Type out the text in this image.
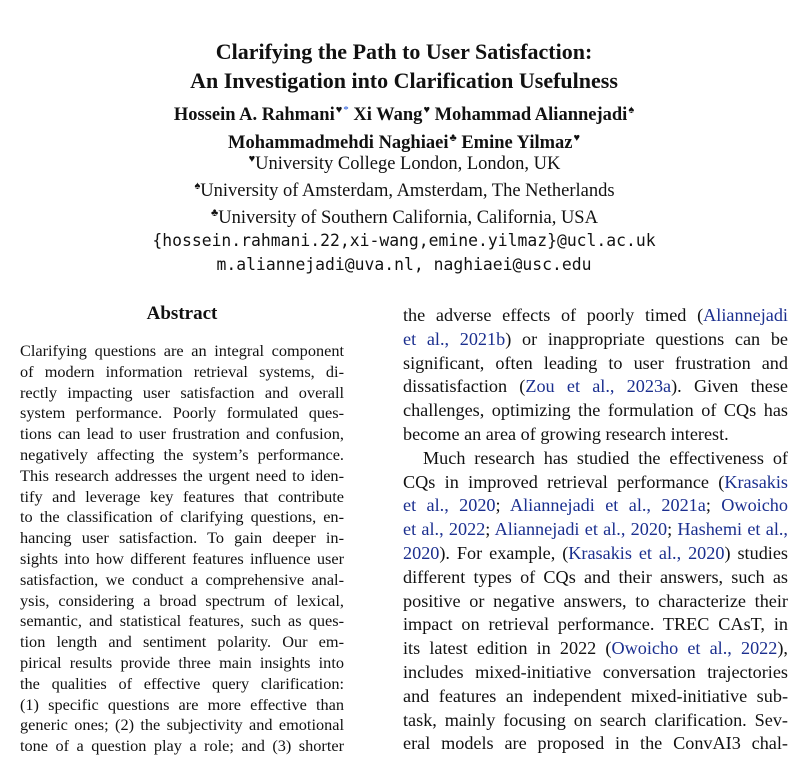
Clarifying the Path to User Satisfaction:
An Investigation into Clarification Usefulness
Hossein A. Rahmani♥* Xi Wang♥ Mohammad Aliannejadi♠
Mohammadmehdi Naghiaei♣ Emine Yilmaz♥
♥University College London, London, UK
♠University of Amsterdam, Amsterdam, The Netherlands
♣University of Southern California, California, USA
{hossein.rahmani.22,xi-wang,emine.yilmaz}@ucl.ac.uk
m.aliannejadi@uva.nl, naghiaei@usc.edu
Abstract
Clarifying questions are an integral component
of modern information retrieval systems, di-
rectly impacting user satisfaction and overall
system performance. Poorly formulated ques-
tions can lead to user frustration and confusion,
negatively affecting the system’s performance.
This research addresses the urgent need to iden-
tify and leverage key features that contribute
to the classification of clarifying questions, en-
hancing user satisfaction. To gain deeper in-
sights into how different features influence user
satisfaction, we conduct a comprehensive anal-
ysis, considering a broad spectrum of lexical,
semantic, and statistical features, such as ques-
tion length and sentiment polarity. Our em-
pirical results provide three main insights into
the qualities of effective query clarification:
(1) specific questions are more effective than
generic ones; (2) the subjectivity and emotional
tone of a question play a role; and (3) shorter
the adverse effects of poorly timed (Aliannejadi
et al., 2021b) or inappropriate questions can be
significant, often leading to user frustration and
dissatisfaction (Zou et al., 2023a). Given these
challenges, optimizing the formulation of CQs has
become an area of growing research interest.
Much research has studied the effectiveness of
CQs in improved retrieval performance (Krasakis
et al., 2020; Aliannejadi et al., 2021a; Owoicho
et al., 2022; Aliannejadi et al., 2020; Hashemi et al.,
2020). For example, (Krasakis et al., 2020) studies
different types of CQs and their answers, such as
positive or negative answers, to characterize their
impact on retrieval performance. TREC CAsT, in
its latest edition in 2022 (Owoicho et al., 2022),
includes mixed-initiative conversation trajectories
and features an independent mixed-initiative sub-
task, mainly focusing on search clarification. Sev-
eral models are proposed in the ConvAI3 chal-
